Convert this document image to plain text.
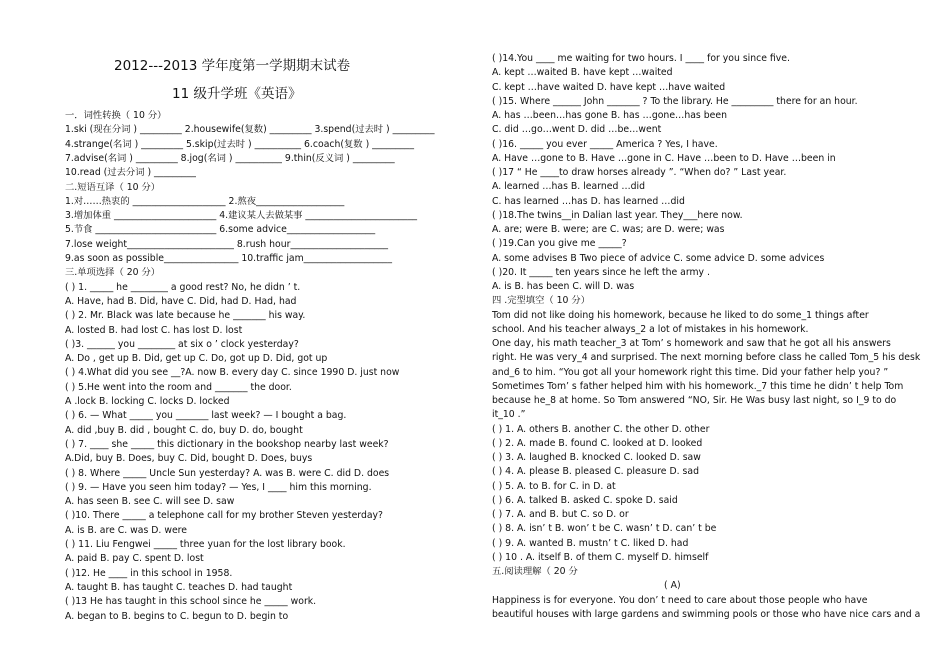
2012---2013 学年度第一学期期末试卷
11 级升学班《英语》
一．词性转换（ 10 分）
1.ski (现在分词 ) _________ 2.housewife(复数) _________ 3.spend(过去时 ) _________
4.strange(名词 ) _________ 5.skip(过去时 ) __________ 6.coach(复数 ) _________
7.advise(名词 ) _________ 8.jog(名词 ) __________ 9.thin(反义词 ) _________
10.read (过去分词 ) _________
二.短语互译（ 10 分）
1.对……热衷的 ____________________ 2.熬夜___________________
3.增加体重 ______________________ 4.建议某人去做某事 ________________________
5.节食 __________________________ 6.some advice___________________
7.lose weight_______________________ 8.rush hour_____________________
9.as soon as possible________________ 10.traffic jam___________________
三.单项选择（ 20 分）
( ) 1. _____ he ________ a good rest? No, he didn ’ t.
A. Have, had B. Did, have C. Did, had D. Had, had
( ) 2. Mr. Black was late because he _______ his way.
A. losted B. had lost C. has lost D. lost
( )3. ______ you ________ at six o ’ clock yesterday?
A. Do , get up B. Did, get up C. Do, got up D. Did, got up
( ) 4.What did you see __?A. now B. every day C. since 1990 D. just now
( ) 5.He went into the room and _______ the door.
A .lock B. locking C. locks D. locked
( ) 6. — What _____ you _______ last week? — I bought a bag.
A. did ,buy B. did , bought C. do, buy D. do, bought
( ) 7. ____ she _____ this dictionary in the bookshop nearby last week?
A.Did, buy B. Does, buy C. Did, bought D. Does, buys
( ) 8. Where _____ Uncle Sun yesterday? A. was B. were C. did D. does
( ) 9. — Have you seen him today? — Yes, I ____ him this morning.
A. has seen B. see C. will see D. saw
( )10. There _____ a telephone call for my brother Steven yesterday?
A. is B. are C. was D. were
( ) 11. Liu Fengwei _____ three yuan for the lost library book.
A. paid B. pay C. spent D. lost
( )12. He ____ in this school in 1958.
A. taught B. has taught C. teaches D. had taught
( )13 He has taught in this school since he _____ work.
A. began to B. begins to C. begun to D. begin to
( )14.You ____ me waiting for two hours. I ____ for you since five.
A. kept …waited B. have kept …waited
C. kept …have waited D. have kept …have waited
( )15. Where ______ John _______ ? To the library. He _________ there for an hour.
A. has …been…has gone B. has …gone…has been
C. did …go…went D. did …be…went
( )16. _____ you ever _____ America ? Yes, I have.
A. Have …gone to B. Have …gone in C. Have …been to D. Have …been in
( )17 “ He ____to draw horses already ”. “When do? ” Last year.
A. learned …has B. learned …did
C. has learned …has D. has learned …did
( )18.The twins__in Dalian last year. They___here now.
A. are; were B. were; are C. was; are D. were; was
( )19.Can you give me _____?
A. some advises B Two piece of advice C. some advice D. some advices
( )20. It _____ ten years since he left the army .
A. is B. has been C. will D. was
四 .完型填空（ 10 分）
Tom did not like doing his homework, because he liked to do some_1 things after
school. And his teacher always_2 a lot of mistakes in his homework.
One day, his math teacher_3 at Tom’ s homework and saw that he got all his answers
right. He was very_4 and surprised. The next morning before class he called Tom_5 his desk
and_6 to him. “You got all your homework right this time. Did your father help you? ”
Sometimes Tom’ s father helped him with his homework._7 this time he didn’ t help Tom
because he_8 at home. So Tom answered “NO, Sir. He Was busy last night, so I_9 to do
it_10 .”
( ) 1. A. others B. another C. the other D. other
( ) 2. A. made B. found C. looked at D. looked
( ) 3. A. laughed B. knocked C. looked D. saw
( ) 4. A. please B. pleased C. pleasure D. sad
( ) 5. A. to B. for C. in D. at
( ) 6. A. talked B. asked C. spoke D. said
( ) 7. A. and B. but C. so D. or
( ) 8. A. isn’ t B. won’ t be C. wasn’ t D. can’ t be
( ) 9. A. wanted B. mustn’ t C. liked D. had
( ) 10 . A. itself B. of them C. myself D. himself
五.阅读理解（ 20 分
( A)
Happiness is for everyone. You don’ t need to care about those people who have
beautiful houses with large gardens and swimming pools or those who have nice cars and a
